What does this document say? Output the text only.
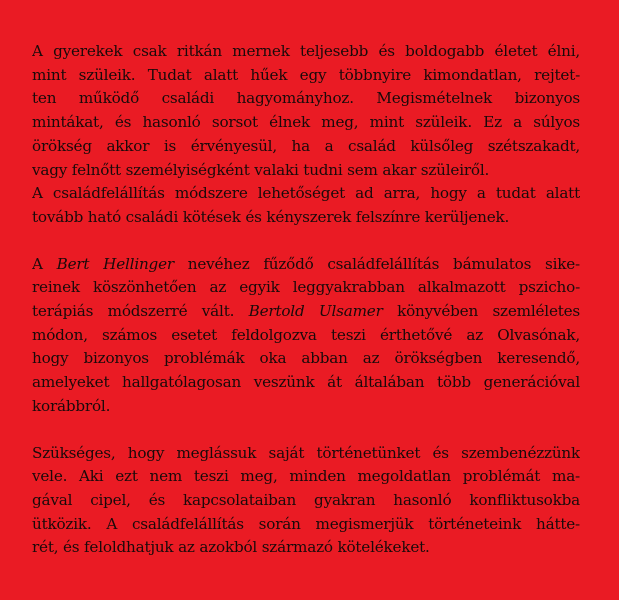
A gyerekek csak ritkán mernek teljesebb és boldogabb életet élni,
mint szüleik. Tudat alatt hűek egy többnyire kimondatlan, rejtet-
ten működő családi hagyományhoz. Megismételnek bizonyos
mintákat, és hasonló sorsot élnek meg, mint szüleik. Ez a súlyos
örökség akkor is érvényesül, ha a család külsőleg szétszakadt,
vagy felnőtt személyiségként valaki tudni sem akar szüleiről.
A családfelállítás módszere lehetőséget ad arra, hogy a tudat alatt
tovább ható családi kötések és kényszerek felszínre kerüljenek.

A Bert Hellinger nevéhez fűződő családfelállítás bámulatos sike-
reinek köszönhetően az egyik leggyakrabban alkalmazott pszicho-
terápiás módszerré vált. Bertold Ulsamer könyvében szemléletes
módon, számos esetet feldolgozva teszi érthetővé az Olvasónak,
hogy bizonyos problémák oka abban az örökségben keresendő,
amelyeket hallgatólagosan veszünk át általában több generációval
korábbról.

Szükséges, hogy meglássuk saját történetünket és szembenézzünk
vele. Aki ezt nem teszi meg, minden megoldatlan problémát ma-
gával cipel, és kapcsolataiban gyakran hasonló konfliktusokba
ütközik. A családfelállítás során megismerjük történeteink hátte-
rét, és feloldhatjuk az azokból származó kötelékeket.
